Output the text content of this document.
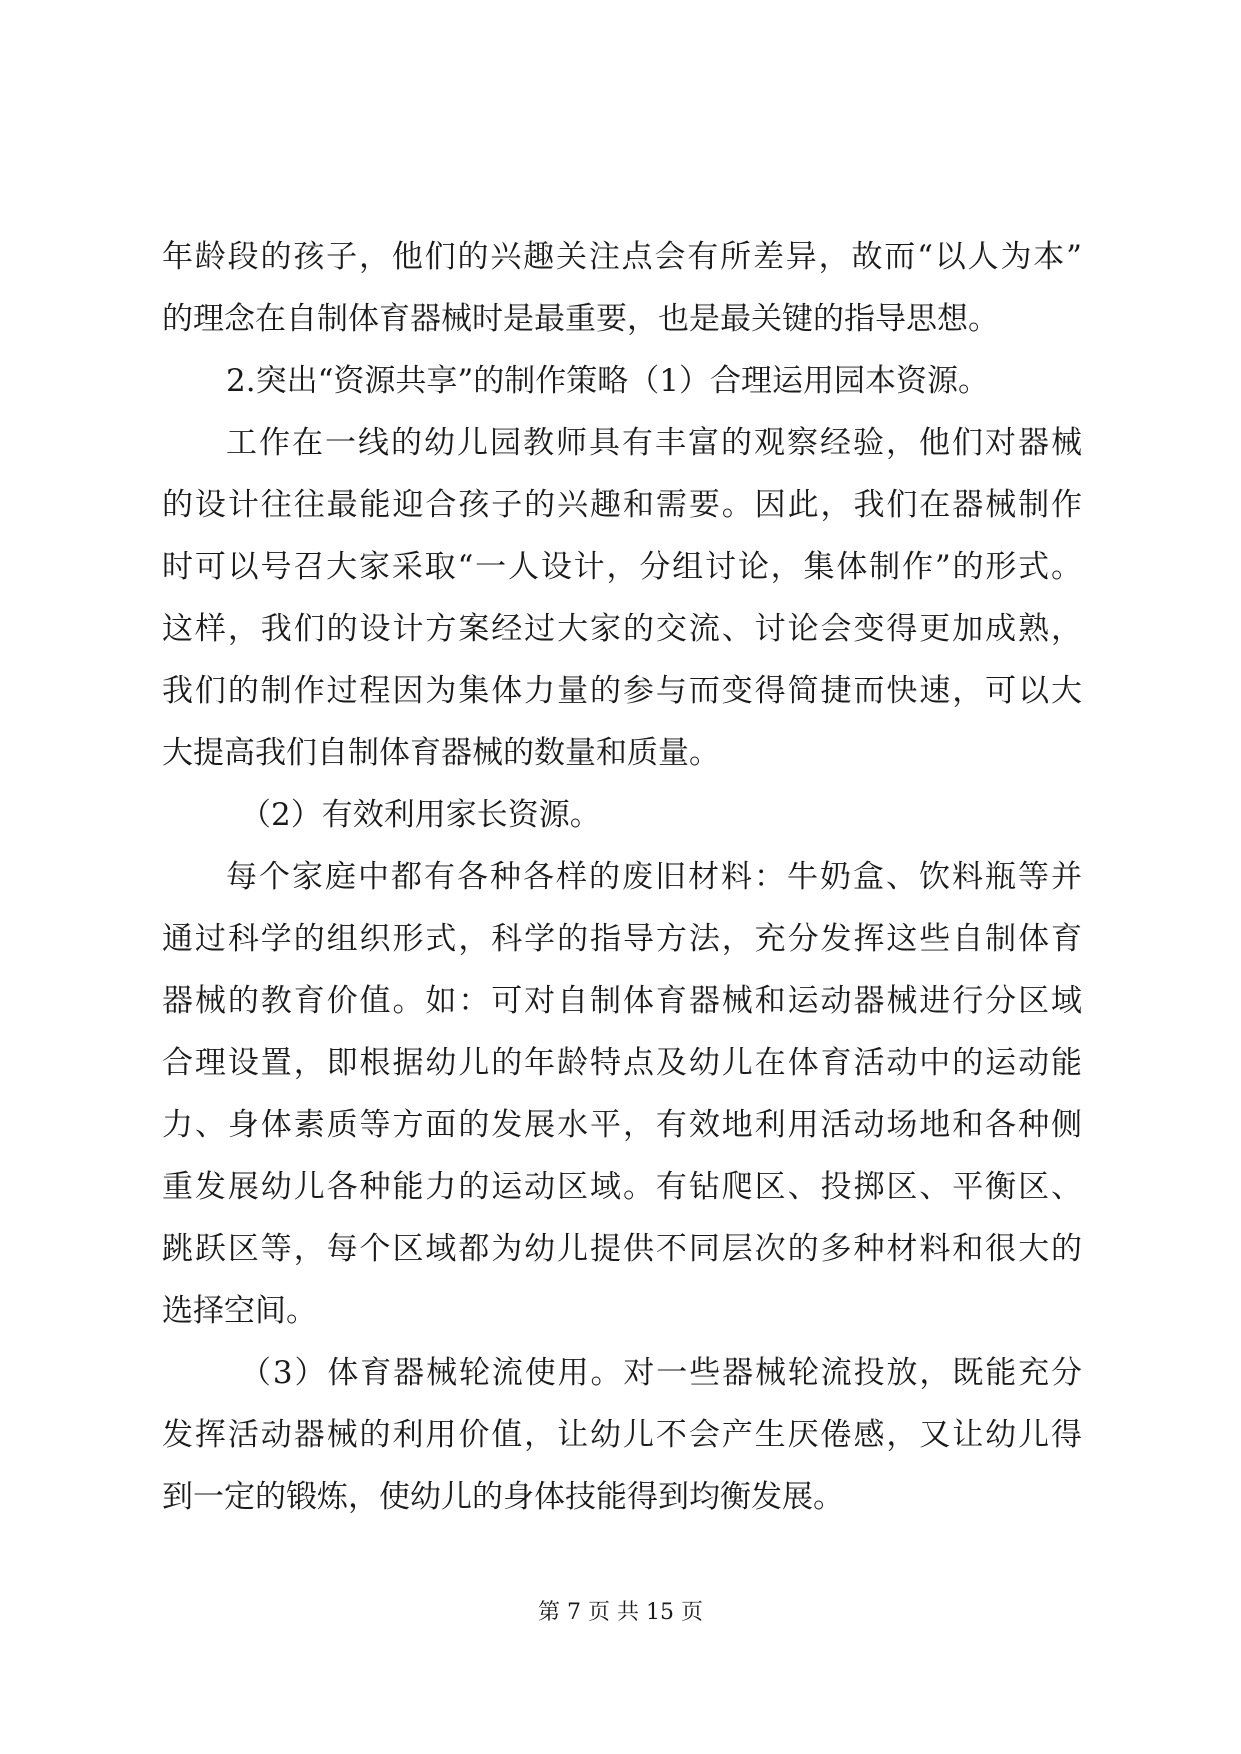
年龄段的孩子，他们的兴趣关注点会有所差异，故而“以人为本”
的理念在自制体育器械时是最重要，也是最关键的指导思想。
2.突出“资源共享”的制作策略（1）合理运用园本资源。
工作在一线的幼儿园教师具有丰富的观察经验，他们对器械
的设计往往最能迎合孩子的兴趣和需要。因此，我们在器械制作
时可以号召大家采取“一人设计，分组讨论，集体制作”的形式。
这样，我们的设计方案经过大家的交流、讨论会变得更加成熟，
我们的制作过程因为集体力量的参与而变得简捷而快速，可以大
大提高我们自制体育器械的数量和质量。
（2）有效利用家长资源。
每个家庭中都有各种各样的废旧材料：牛奶盒、饮料瓶等并
通过科学的组织形式，科学的指导方法，充分发挥这些自制体育
器械的教育价值。如：可对自制体育器械和运动器械进行分区域
合理设置，即根据幼儿的年龄特点及幼儿在体育活动中的运动能
力、身体素质等方面的发展水平，有效地利用活动场地和各种侧
重发展幼儿各种能力的运动区域。有钻爬区、投掷区、平衡区、
跳跃区等，每个区域都为幼儿提供不同层次的多种材料和很大的
选择空间。
（3）体育器械轮流使用。对一些器械轮流投放，既能充分
发挥活动器械的利用价值，让幼儿不会产生厌倦感，又让幼儿得
到一定的锻炼，使幼儿的身体技能得到均衡发展。
第 7 页 共 15 页
